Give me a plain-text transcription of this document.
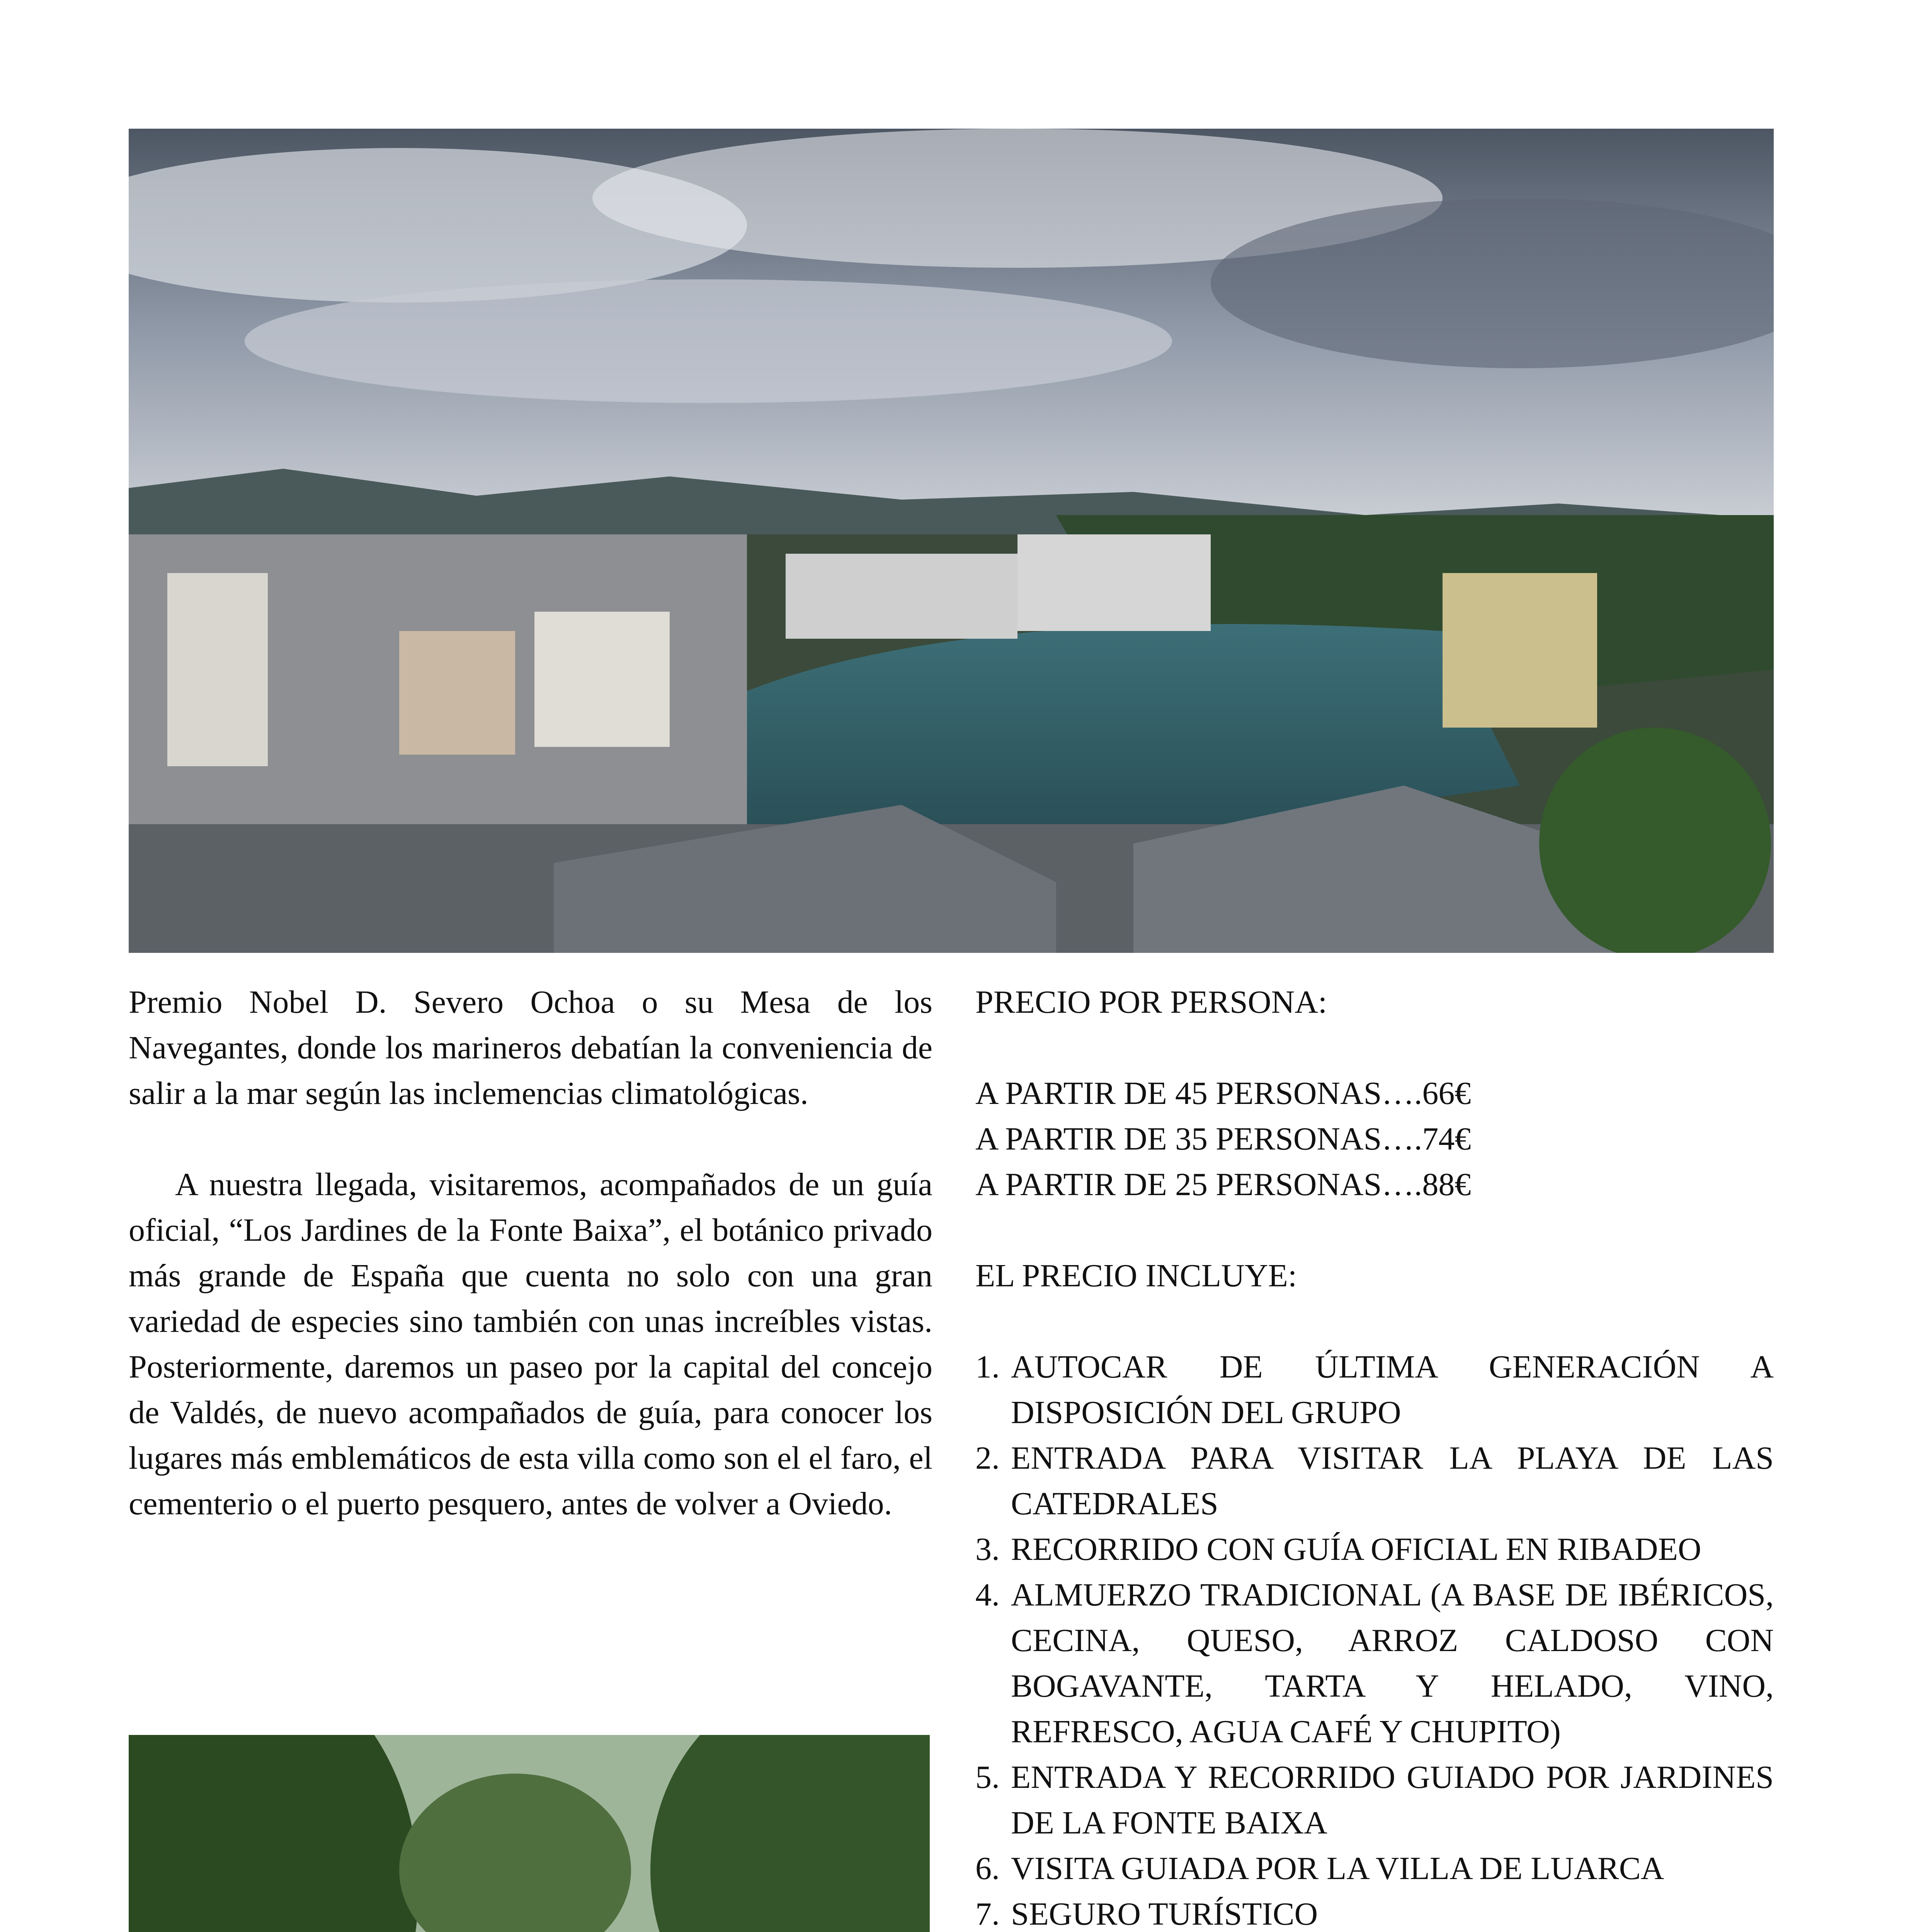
Premio Nobel D. Severo Ochoa o su Mesa de los Navegantes, donde los marineros debatían la conveniencia de salir a la mar según las inclemencias climatológicas.

A nuestra llegada, visitaremos, acompañados de un guía oficial, “Los Jardines de la Fonte Baixa”, el botánico privado más grande de España que cuenta no solo con una gran variedad de especies sino también con unas increíbles vistas. Posteriormente, daremos un paseo por la capital del concejo de Valdés, de nuevo acompañados de guía, para conocer los lugares más emblemáticos de esta villa como son el el faro, el cementerio o el puerto pesquero, antes de volver a Oviedo.

PRECIO POR PERSONA:
A PARTIR DE 45 PERSONAS….66€
A PARTIR DE 35 PERSONAS….74€
A PARTIR DE 25 PERSONAS….88€
EL PRECIO INCLUYE:
1. AUTOCAR DE ÚLTIMA GENERACIÓN A DISPOSICIÓN DEL GRUPO
2. ENTRADA PARA VISITAR LA PLAYA DE LAS CATEDRALES
3. RECORRIDO CON GUÍA OFICIAL EN RIBADEO
4. ALMUERZO TRADICIONAL (A BASE DE IBÉRICOS, CECINA, QUESO, ARROZ CALDOSO CON BOGAVANTE, TARTA Y HELADO, VINO, REFRESCO, AGUA CAFÉ Y CHUPITO)
5. ENTRADA Y RECORRIDO GUIADO POR JARDINES DE LA FONTE BAIXA
6. VISITA GUIADA POR LA VILLA DE LUARCA
7. SEGURO TURÍSTICO
